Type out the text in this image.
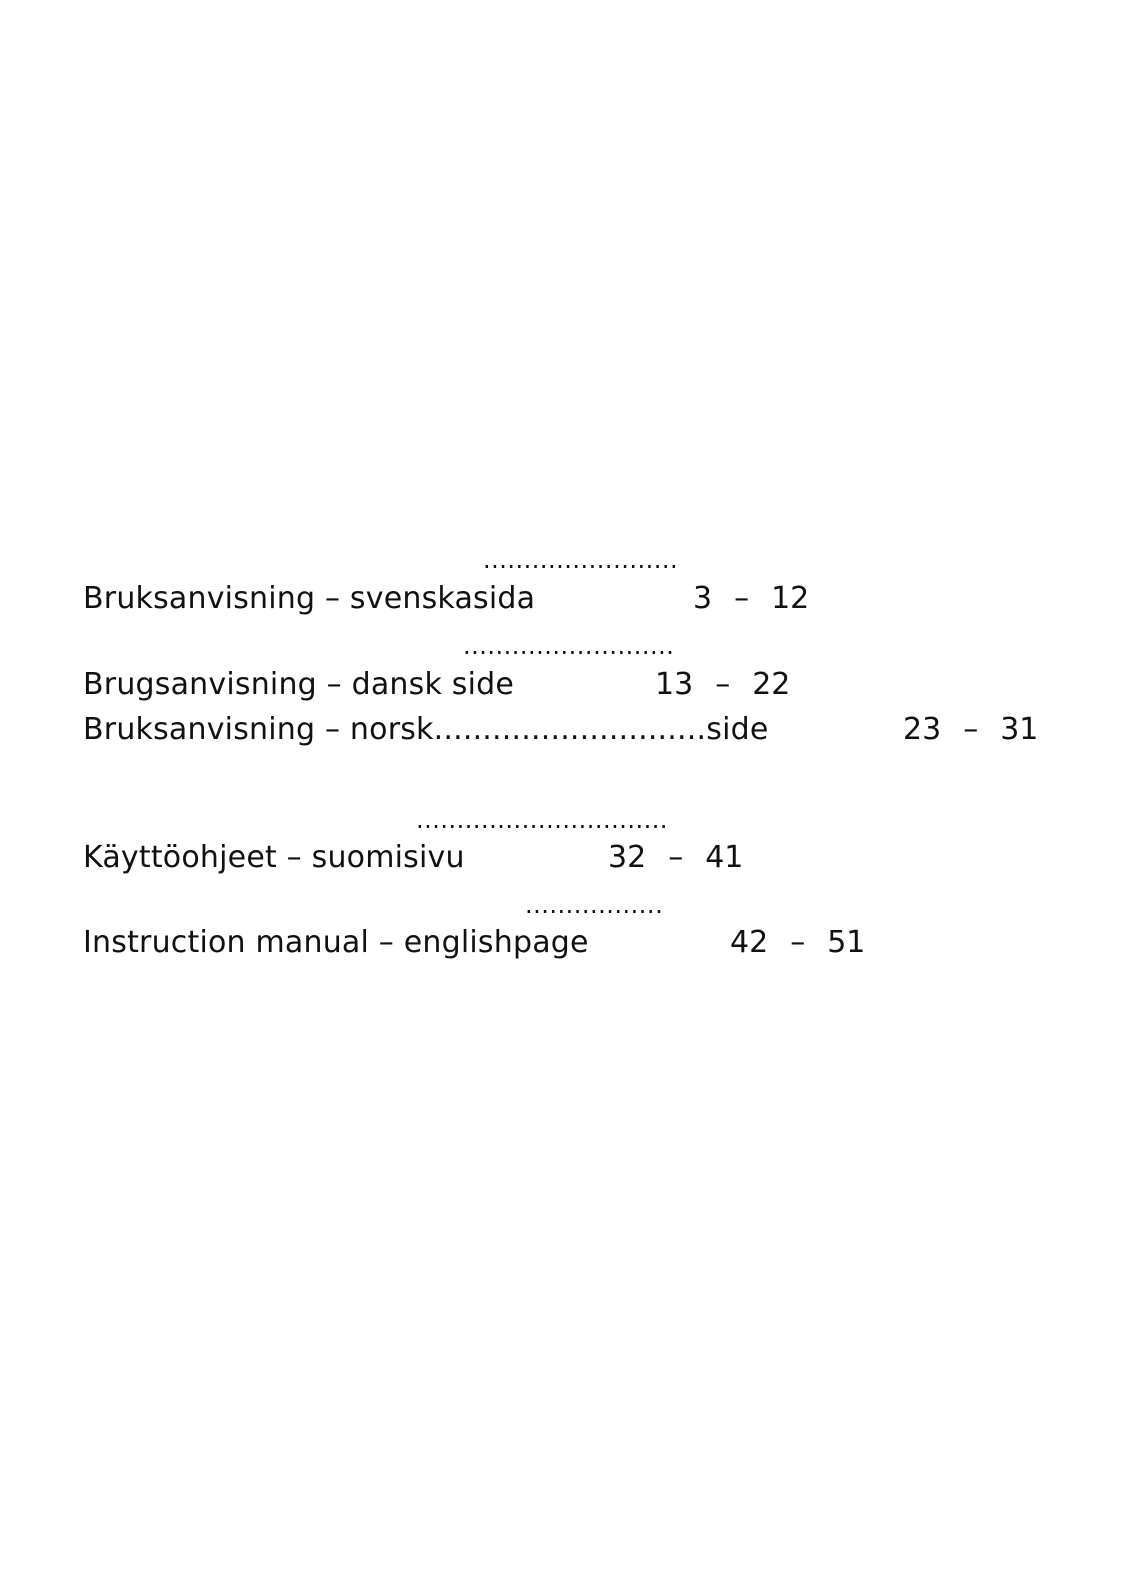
........................
Bruksanvisning – svenskasida	3 – 12
..........................
Brugsanvisning – dansk side	13 – 22
Bruksanvisning – norsk............................side	23 – 31
...............................
Käyttöohjeet – suomisivu	32 – 41
.................
Instruction manual – englishpage	42 – 51
